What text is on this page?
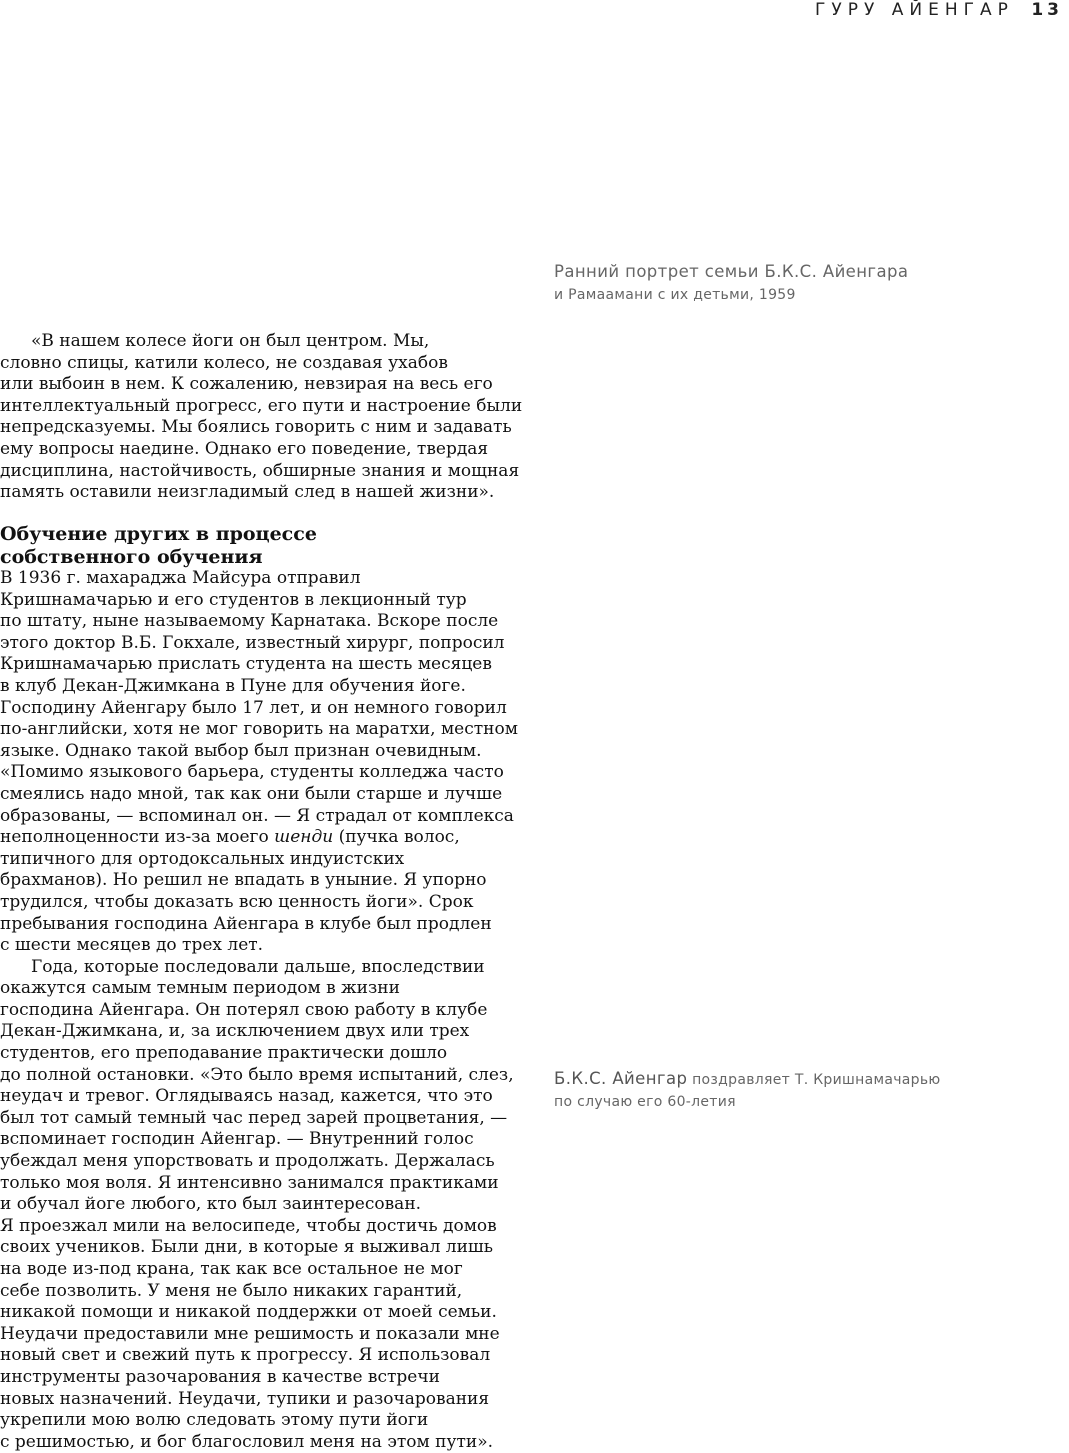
ГУРУ АЙЕНГАР 13
Ранний портрет семьи Б.К.С. Айенгара
и Рамаамани с их детьми, 1959
«В нашем колесе йоги он был центром. Мы,
словно спицы, катили колесо, не создавая ухабов
или выбоин в нем. К сожалению, невзирая на весь его
интеллектуальный прогресс, его пути и настроение были
непредсказуемы. Мы боялись говорить с ним и задавать
ему вопросы наедине. Однако его поведение, твердая
дисциплина, настойчивость, обширные знания и мощная
память оставили неизгладимый след в нашей жизни».
Обучение других в процессе
собственного обучения
В 1936 г. махараджа Майсура отправил
Кришнамачарью и его студентов в лекционный тур
по штату, ныне называемому Карнатака. Вскоре после
этого доктор В.Б. Гокхале, известный хирург, попросил
Кришнамачарью прислать студента на шесть месяцев
в клуб Декан-Джимкана в Пуне для обучения йоге.
Господину Айенгару было 17 лет, и он немного говорил
по-английски, хотя не мог говорить на маратхи, местном
языке. Однако такой выбор был признан очевидным.
«Помимо языкового барьера, студенты колледжа часто
смеялись надо мной, так как они были старше и лучше
образованы, — вспоминал он. — Я страдал от комплекса
неполноценности из-за моего шенди (пучка волос,
типичного для ортодоксальных индуистских
брахманов). Но решил не впадать в уныние. Я упорно
трудился, чтобы доказать всю ценность йоги». Срок
пребывания господина Айенгара в клубе был продлен
с шести месяцев до трех лет.
Года, которые последовали дальше, впоследствии
окажутся самым темным периодом в жизни
господина Айенгара. Он потерял свою работу в клубе
Декан-Джимкана, и, за исключением двух или трех
студентов, его преподавание практически дошло
до полной остановки. «Это было время испытаний, слез,
неудач и тревог. Оглядываясь назад, кажется, что это
был тот самый темный час перед зарей процветания, —
вспоминает господин Айенгар. — Внутренний голос
убеждал меня упорствовать и продолжать. Держалась
только моя воля. Я интенсивно занимался практиками
и обучал йоге любого, кто был заинтересован.
Я проезжал мили на велосипеде, чтобы достичь домов
своих учеников. Были дни, в которые я выживал лишь
на воде из-под крана, так как все остальное не мог
себе позволить. У меня не было никаких гарантий,
никакой помощи и никакой поддержки от моей семьи.
Неудачи предоставили мне решимость и показали мне
новый свет и свежий путь к прогрессу. Я использовал
инструменты разочарования в качестве встречи
новых назначений. Неудачи, тупики и разочарования
укрепили мою волю следовать этому пути йоги
с решимостью, и бог благословил меня на этом пути».
Б.К.С. Айенгар поздравляет Т. Кришнамачарью
по случаю его 60-летия
